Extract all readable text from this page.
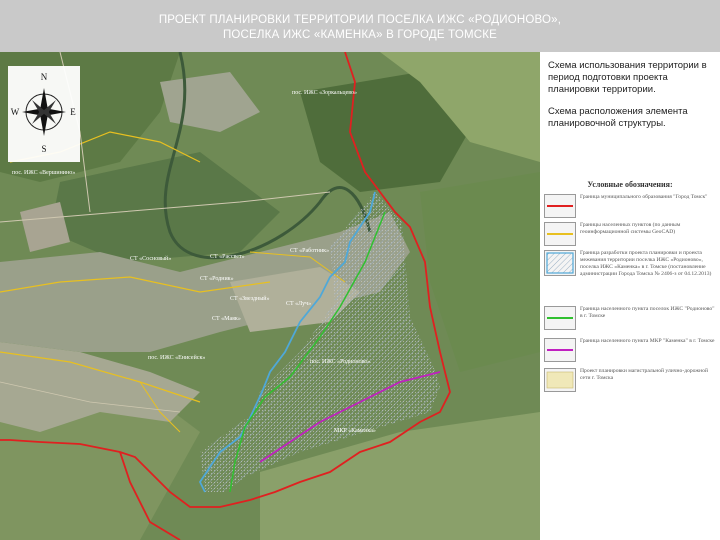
ПРОЕКТ ПЛАНИРОВКИ ТЕРРИТОРИИ ПОСЕЛКА ИЖС «РОДИОНОВО»,
ПОСЕЛКА ИЖС «КАМЕНКА» В ГОРОДЕ ТОМСКЕ
N
S
W	E
пос. ИЖС «Зоркальцево»
пос. ИЖС «Вершинино»
СТ «Сосновый»	СТ «Рассвет»
СТ «Работник»
СТ «Родник»
СТ «Звездный»
СТ «Луч»
СТ «Маяк»
пос. ИЖС «Енисейск»
пос. ИЖС «Родионово»
МКР «Каменка»
Схема использования территории в период подготовки проекта планировки территории.
Схема расположения элемента планировочной структуры.
Условные обозначения:
Граница муниципального образования "Город Томск"
Границы населенных пунктов (по данным геоинформационной системы GeoCAD)
Граница разработки проекта планировки и проекта межевания территории поселка ИЖС «Родионово», поселка ИЖС «Каменка» в г. Томске (постановление администрации Города Томска № 2406-з от 04.12.2013)
Граница населенного пункта поселок ИЖС "Родионово" в г. Томске
Граница населенного пункта МКР "Каменка" в г. Томске
Проект планировки магистральной улично-дорожной сети г. Томска
